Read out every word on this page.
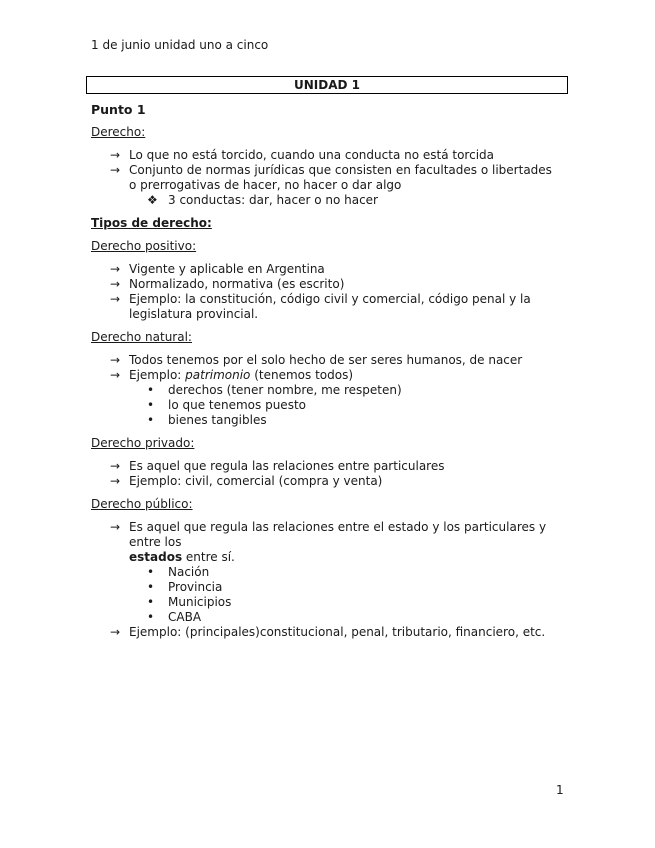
1 de junio unidad uno a cinco
UNIDAD 1
Punto 1
Derecho:
→ Lo que no está torcido, cuando una conducta no está torcida
→ Conjunto de normas jurídicas que consisten en facultades o libertades o prerrogativas de hacer, no hacer o dar algo
❖ 3 conductas: dar, hacer o no hacer
Tipos de derecho:
Derecho positivo:
→ Vigente y aplicable en Argentina
→ Normalizado, normativa (es escrito)
→ Ejemplo: la constitución, código civil y comercial, código penal y la legislatura provincial.
Derecho natural:
→ Todos tenemos por el solo hecho de ser seres humanos, de nacer
→ Ejemplo: patrimonio (tenemos todos)
• derechos (tener nombre, me respeten)
• lo que tenemos puesto
• bienes tangibles
Derecho privado:
→ Es aquel que regula las relaciones entre particulares
→ Ejemplo: civil, comercial (compra y venta)
Derecho público:
→ Es aquel que regula las relaciones entre el estado y los particulares y entre los
estados entre sí.
• Nación
• Provincia
• Municipios
• CABA
→ Ejemplo: (principales)constitucional, penal, tributario, financiero, etc.
1
